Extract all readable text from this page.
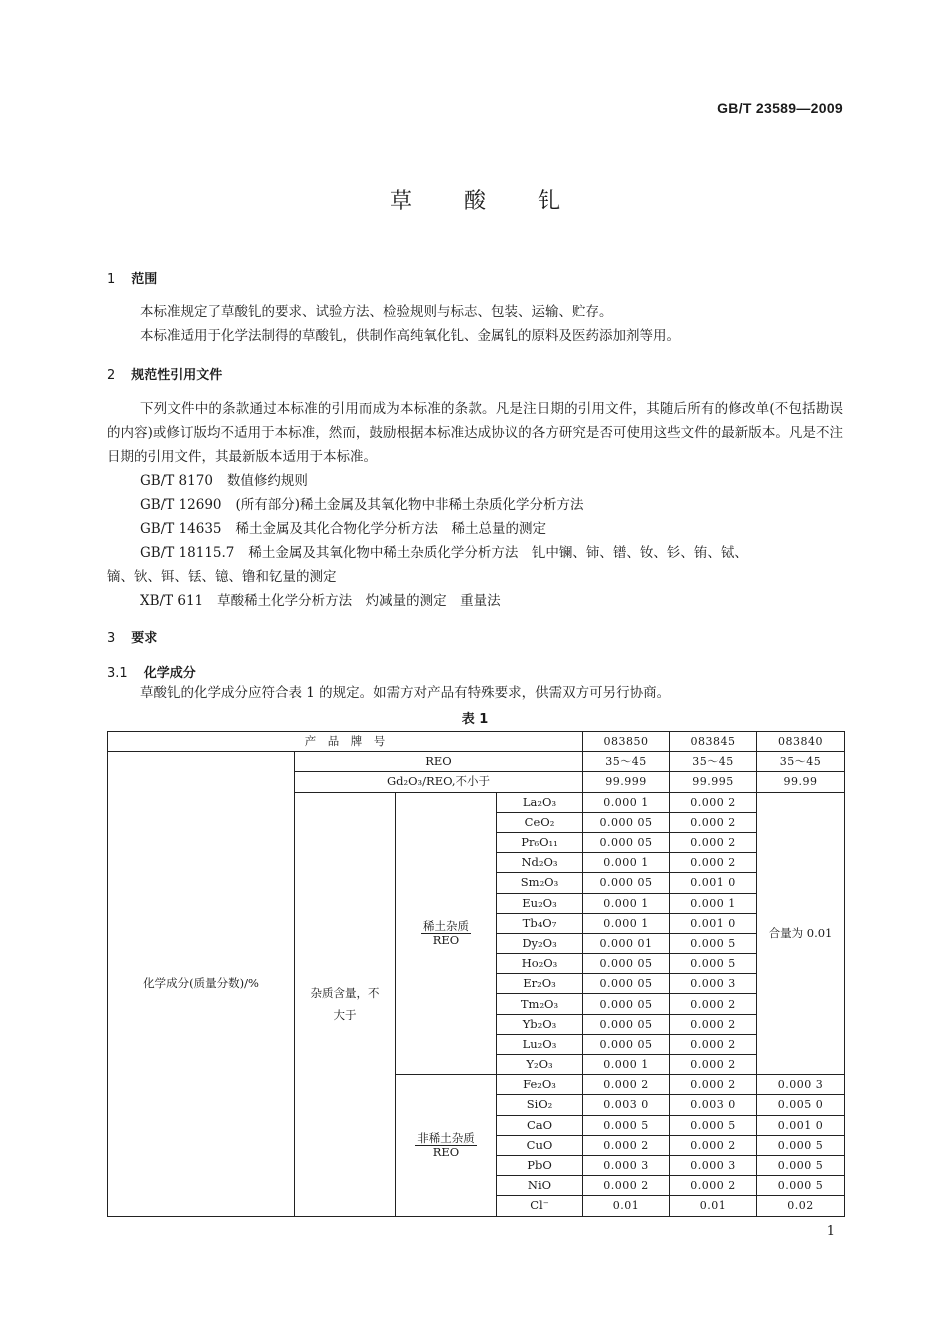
GB/T 23589—2009
草酸钆
1 范围
本标准规定了草酸钆的要求、试验方法、检验规则与标志、包装、运输、贮存。
本标准适用于化学法制得的草酸钆，供制作高纯氧化钆、金属钆的原料及医药添加剂等用。
2 规范性引用文件
下列文件中的条款通过本标准的引用而成为本标准的条款。凡是注日期的引用文件，其随后所有的修改单(不包括勘误的内容)或修订版均不适用于本标准，然而，鼓励根据本标准达成协议的各方研究是否可使用这些文件的最新版本。凡是不注日期的引用文件，其最新版本适用于本标准。
GB/T 8170 数值修约规则
GB/T 12690 (所有部分)稀土金属及其氧化物中非稀土杂质化学分析方法
GB/T 14635 稀土金属及其化合物化学分析方法　稀土总量的测定
GB/T 18115.7 稀土金属及其氧化物中稀土杂质化学分析方法　钆中镧、铈、镨、钕、钐、铕、铽、
镝、钬、铒、铥、镱、镥和钇量的测定
XB/T 611 草酸稀土化学分析方法　灼减量的测定　重量法
3 要求
3.1 化学成分
草酸钆的化学成分应符合表 1 的规定。如需方对产品有特殊要求，供需双方可另行协商。
表 1
产　品　牌　号				083850	083845	083840
化学成分(质量分数)/%	REO			35～45	35～45	35～45
	Gd₂O₃/REO,不小于			99.999	99.995	99.99
	杂质含量，不大于	$\frac{\text{稀土杂质}}{\text{REO}}$	La₂O₃	0.000 1	0.000 2	合量为 0.01
			CeO₂	0.000 05	0.000 2	
			Pr₆O₁₁	0.000 05	0.000 2	
			Nd₂O₃	0.000 1	0.000 2	
			Sm₂O₃	0.000 05	0.001 0	
			Eu₂O₃	0.000 1	0.000 1	
			Tb₄O₇	0.000 1	0.001 0	
			Dy₂O₃	0.000 01	0.000 5	
			Ho₂O₃	0.000 05	0.000 5	
			Er₂O₃	0.000 05	0.000 3	
			Tm₂O₃	0.000 05	0.000 2	
			Yb₂O₃	0.000 05	0.000 2	
			Lu₂O₃	0.000 05	0.000 2	
			Y₂O₃	0.000 1	0.000 2	

		$\frac{\text{非稀土杂质}}{\text{REO}}$	Fe₂O₃	0.000 2	0.000 2	0.000 3
			SiO₂	0.003 0	0.003 0	0.005 0
			CaO	0.000 5	0.000 5	0.001 0
			CuO	0.000 2	0.000 2	0.000 5
			PbO	0.000 3	0.000 3	0.000 5
			NiO	0.000 2	0.000 2	0.000 5
			Cl⁻	0.01	0.01	0.02
1
